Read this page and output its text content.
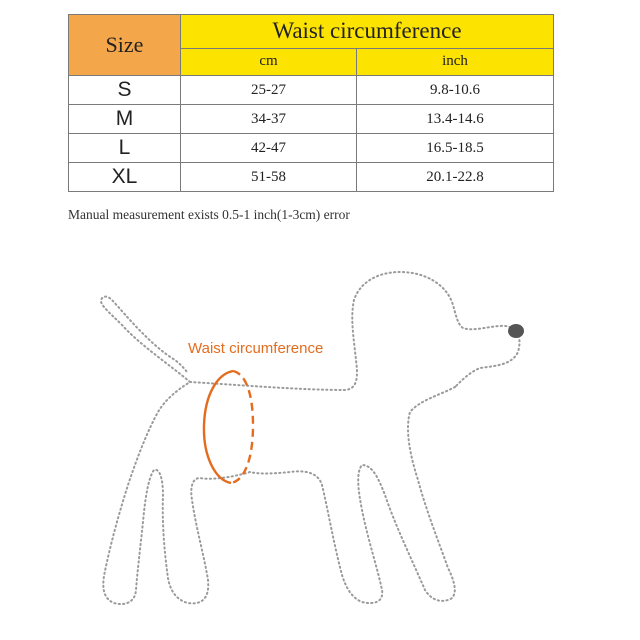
Size	Waist circumference	
	cm	inch
S	25-27	9.8-10.6
M	34-37	13.4-14.6
L	42-47	16.5-18.5
XL	51-58	20.1-22.8
Manual measurement exists 0.5-1 inch(1-3cm) error
Waist circumference
